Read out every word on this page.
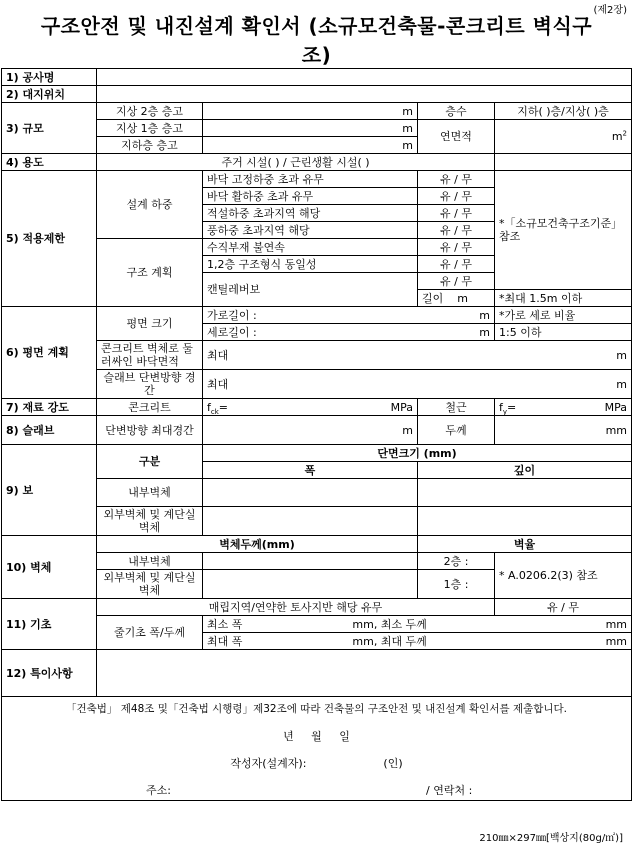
(제2장)
구조안전 및 내진설계 확인서 (소규모건축물-콘크리트 벽식구
조)
1) 공사명				
2) 대지위치				
3) 규모	지상 2층 층고	m	층수	지하( )층/지상( )층
	지상 1층 층고	m	연면적	$m^2$
	지하층 층고	m		
4) 용도	주거 시설( ) / 근린생활 시설( )			
5) 적용제한	설계 하중	바닥 고정하중 초과 유무	유 / 무	*「소규모건축구조기준」참조
		바닥 활하중 초과 유무	유 / 무	
		적설하중 초과지역 해당	유 / 무	
		풍하중 초과지역 해당	유 / 무	
	구조 계획	수직부재 불연속	유 / 무	
		1,2층 구조형식 동일성	유 / 무	
		캔틸레버보	유 / 무	
			길이 m	*최대 1.5m 이하
6) 평면 계획	평면 크기	가로길이 : m		*가로 세로 비율
		세로길이 : m		1:5 이하
	콘크리트 벽체로 둘러싸인 바닥면적	최대 m		

	슬래브 단변방향 경간	최대 m		

7) 재료 강도	콘크리트	$f_{ck}=$ MPa	철근	$f_y=$ MPa

8) 슬래브	단변방향 최대경간	m	두께	mm
9) 보	구분	단면크기 (mm)		
		폭	깊이	
	내부벽체			
	외부벽체 및 계단실 벽체			
10) 벽체	벽체두께(mm)		벽율	
	내부벽체		2층 :	* A.0206.2(3) 참조
	외부벽체 및 계단실 벽체		1층 :	
11) 기초	매립지역/연약한 토사지반 해당 유무			유 / 무
	줄기초 폭/두께	최소 폭 mm, 최소 두께 mm		

		최대 폭 mm, 최대 두께 mm		

12) 특이사항				

「건축법」 제48조 및「건축법 시행령」제32조에 따라 건축물의 구조안전 및 내진설계 확인서를 제출합니다.
년     월     일
작성자(설계자): (인)
주소: / 연락처 :				
210㎜×297㎜[백상지(80g/㎡)]
